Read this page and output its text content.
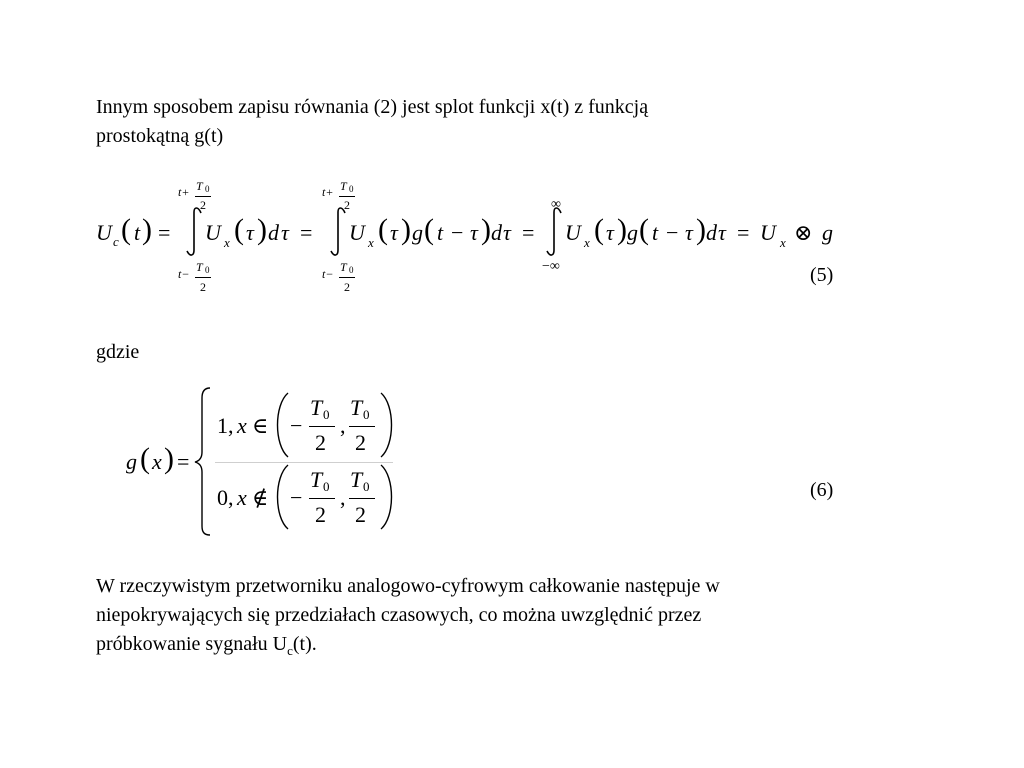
Innym sposobem zapisu równania (2) jest splot funkcji x(t) z funkcją
prostokątną g(t)
U c ( t ) =
t+ T 0
2
t− T 0
2
U x ( τ ) d τ =
t+ T 0
2
t− T 0
2
U x ( τ ) g ( t − τ ) d τ =
∞
−∞
U x ( τ ) g ( t − τ ) d τ = U x ⊗ g
(5)
gdzie
g ( x ) =
1, x ∈ −
T 0
2
,
T 0
2
0, x ∉ −
T 0
2
,
T 0
2
(6)
W rzeczywistym przetworniku analogowo-cyfrowym całkowanie następuje w
niepokrywających się przedziałach czasowych, co można uwzględnić przez
próbkowanie sygnału $U_c(t)$.
